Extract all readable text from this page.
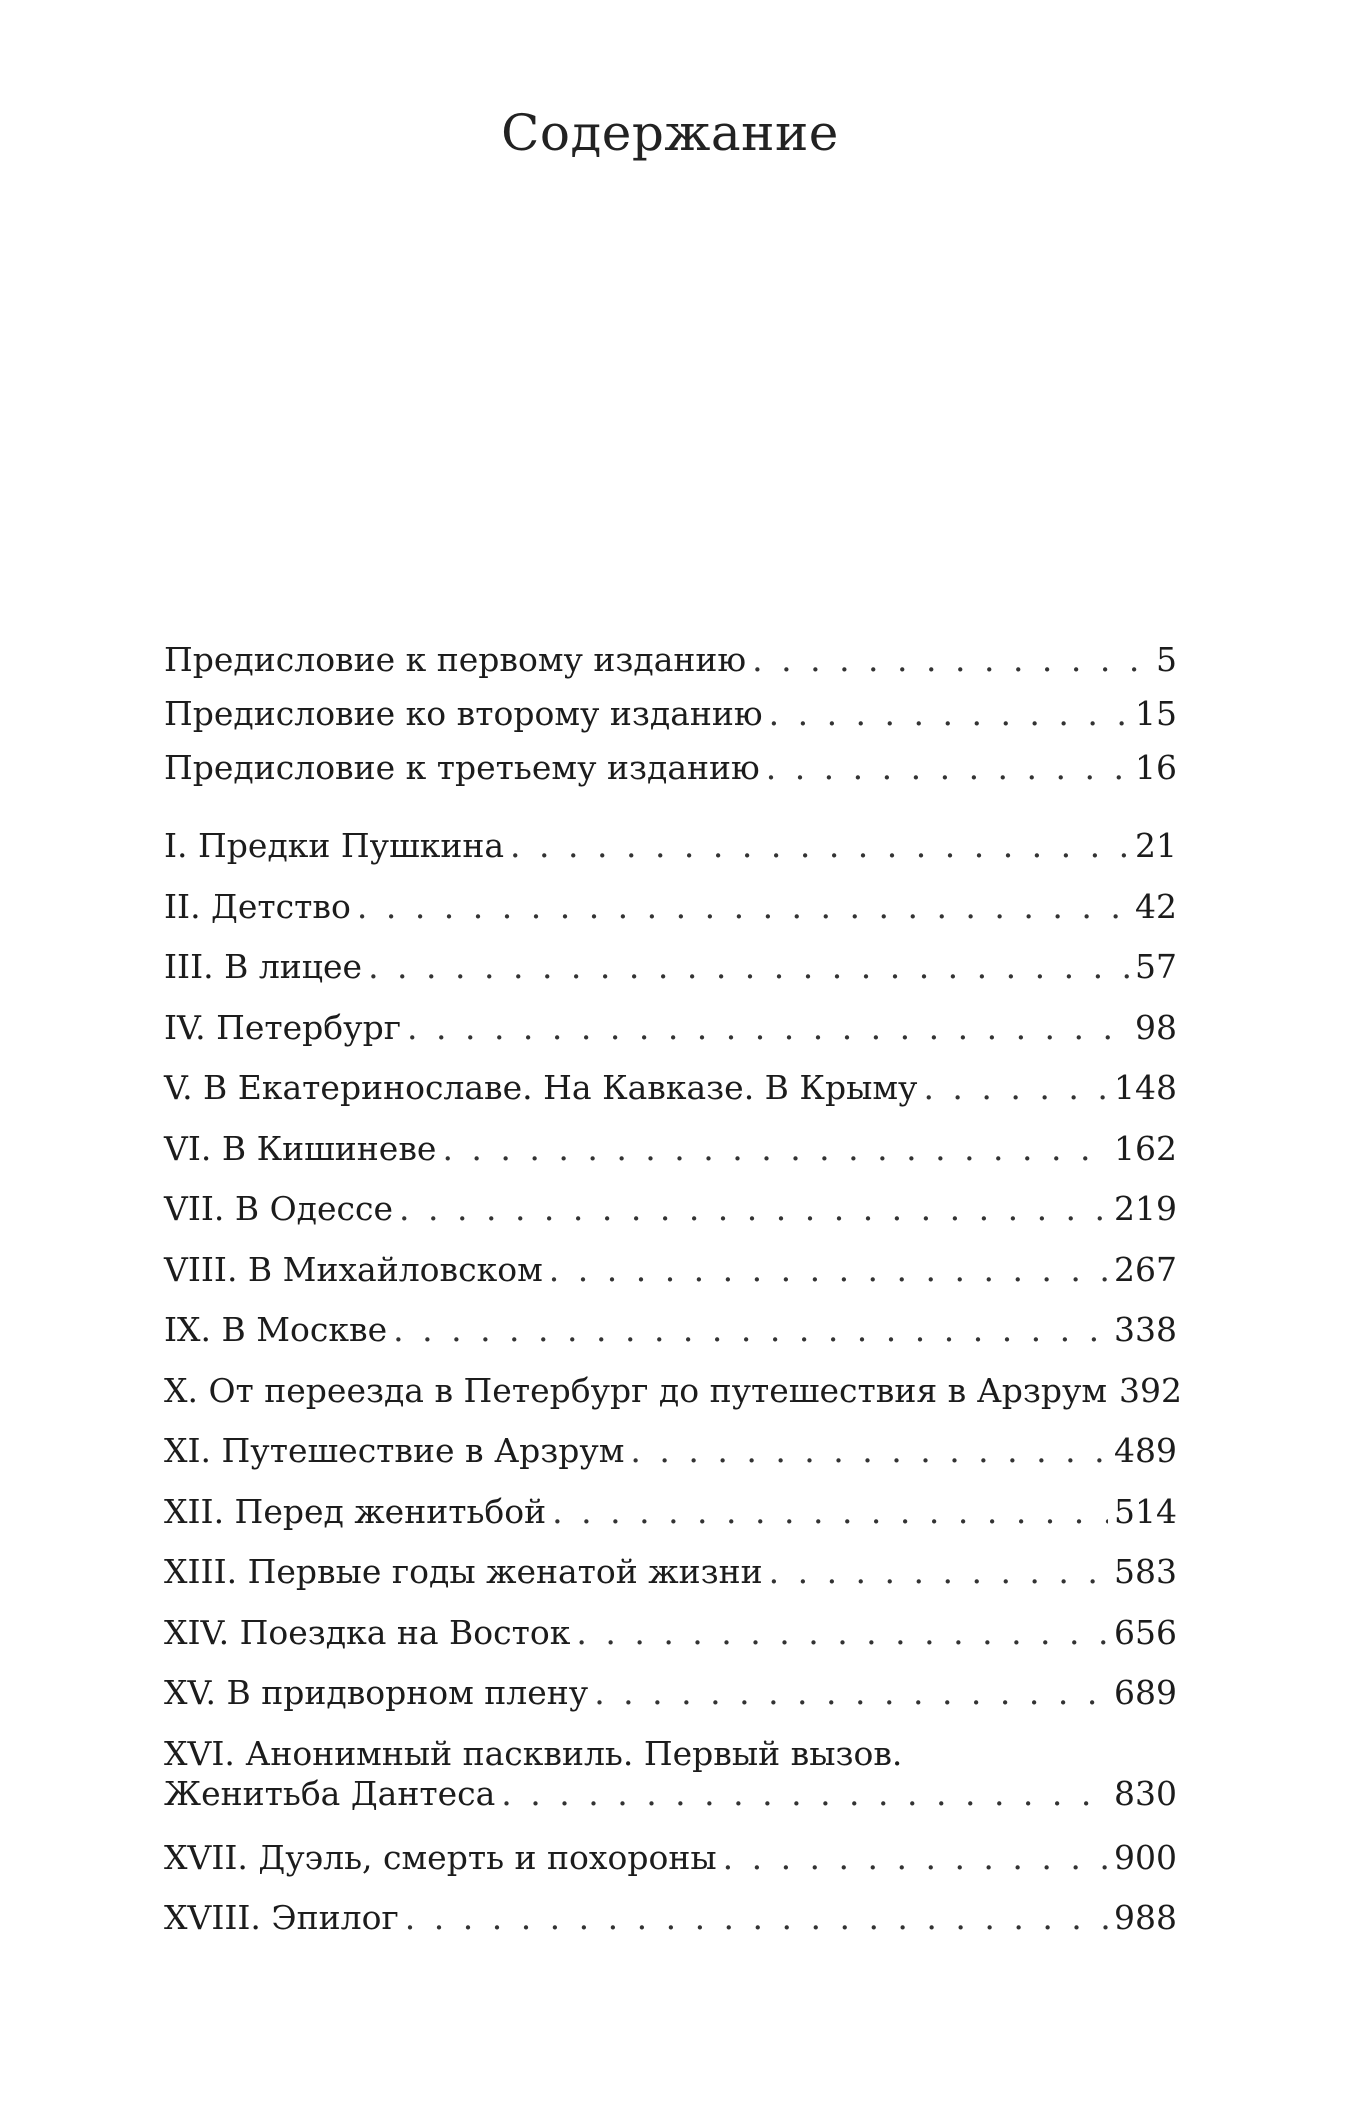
Содержание
Предисловие к первому изданию . . .	5
Предисловие ко второму изданию . . .	15
Предисловие к третьему изданию . . .	16
I. Предки Пушкина . . .	21
II. Детство . . .	42
III. В лицее . . .	57
IV. Петербург . . .	98
V. В Екатеринославе. На Кавказе. В Крыму . . .	148
VI. В Кишиневе . . .	162
VII. В Одессе . . .	219
VIII. В Михайловском . . .	267
IX. В Москве . . .	338
X. От переезда в Петербург до путешествия в Арзрум 392
XI. Путешествие в Арзрум . . .	489
XII. Перед женитьбой . . .	514
XIII. Первые годы женатой жизни . . .	583
XIV. Поездка на Восток . . .	656
XV. В придворном плену . . .	689
XVI. Анонимный пасквиль. Первый вызов.
Женитьба Дантеса . . .	830
XVII. Дуэль, смерть и похороны . . .	900
XVIII. Эпилог . . .	988
